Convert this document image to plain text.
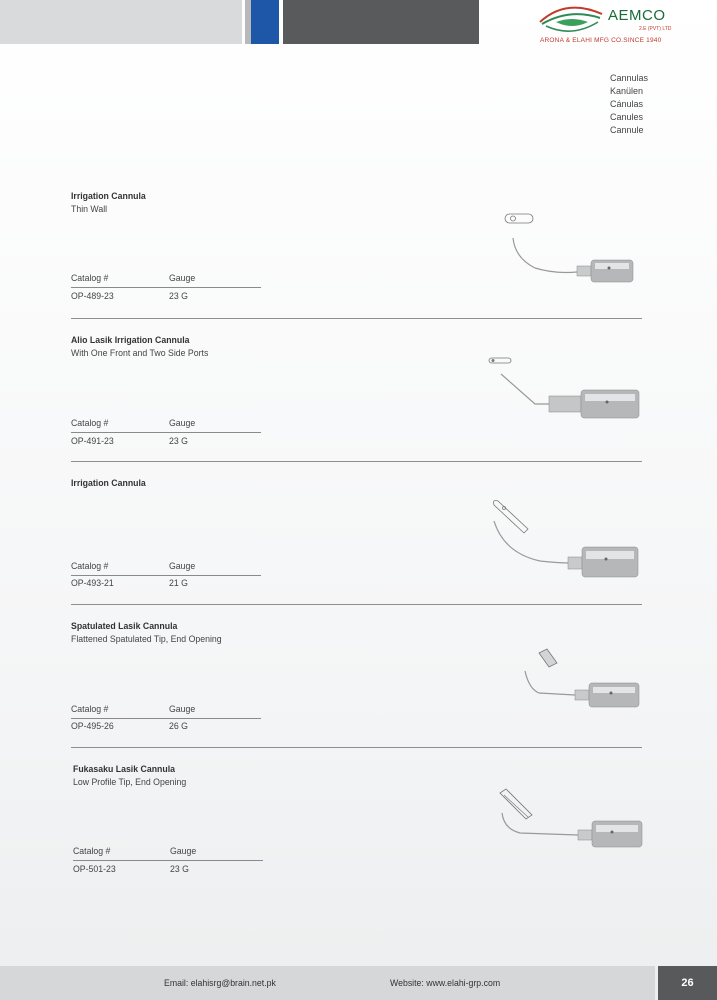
AEMCO
2.E (PVT) LTD
ARONA & ELAHI MFG CO.SINCE 1940
Cannulas
Kanülen
Cánulas
Canules
Cannule
Irrigation Cannula
Thin Wall
Catalog #	Gauge
OP-489-23	23 G
Alio Lasik Irrigation Cannula
With One Front and Two Side Ports
Catalog #	Gauge
OP-491-23	23 G
Irrigation Cannula
Catalog #	Gauge
OP-493-21	21 G
Spatulated Lasik Cannula
Flattened Spatulated Tip, End Opening
Catalog #	Gauge
OP-495-26	26 G
Fukasaku Lasik Cannula
Low Profile Tip, End Opening
Catalog #	Gauge
OP-501-23	23 G
Email: elahisrg@brain.net.pk	Website: www.elahi-grp.com	26
